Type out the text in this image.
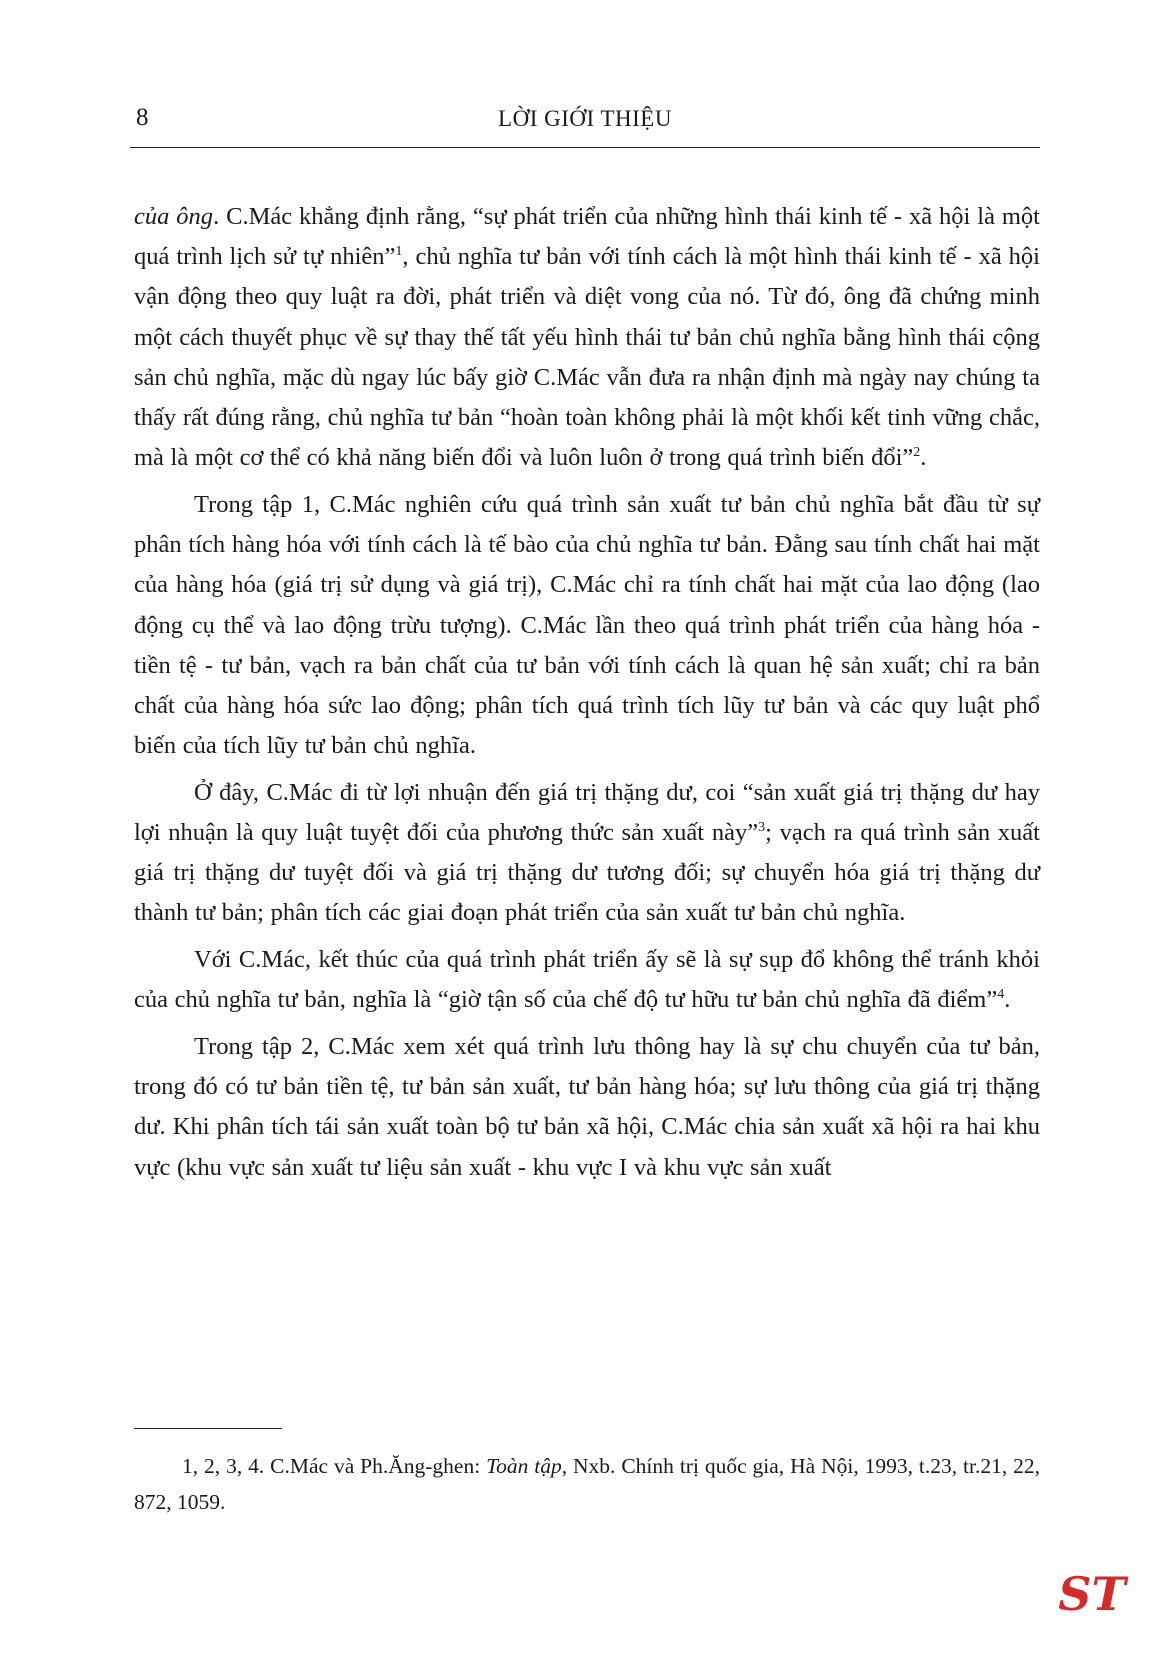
8	LỜI GIỚI THIỆU

của ông. C.Mác khẳng định rằng, “sự phát triển của những hình thái kinh tế - xã hội là một quá trình lịch sử tự nhiên”$^1$, chủ nghĩa tư bản với tính cách là một hình thái kinh tế - xã hội vận động theo quy luật ra đời, phát triển và diệt vong của nó. Từ đó, ông đã chứng minh một cách thuyết phục về sự thay thế tất yếu hình thái tư bản chủ nghĩa bằng hình thái cộng sản chủ nghĩa, mặc dù ngay lúc bấy giờ C.Mác vẫn đưa ra nhận định mà ngày nay chúng ta thấy rất đúng rằng, chủ nghĩa tư bản “hoàn toàn không phải là một khối kết tinh vững chắc, mà là một cơ thể có khả năng biến đổi và luôn luôn ở trong quá trình biến đổi”$^2$.

Trong tập 1, C.Mác nghiên cứu quá trình sản xuất tư bản chủ nghĩa bắt đầu từ sự phân tích hàng hóa với tính cách là tế bào của chủ nghĩa tư bản. Đằng sau tính chất hai mặt của hàng hóa (giá trị sử dụng và giá trị), C.Mác chỉ ra tính chất hai mặt của lao động (lao động cụ thể và lao động trừu tượng). C.Mác lần theo quá trình phát triển của hàng hóa - tiền tệ - tư bản, vạch ra bản chất của tư bản với tính cách là quan hệ sản xuất; chỉ ra bản chất của hàng hóa sức lao động; phân tích quá trình tích lũy tư bản và các quy luật phổ biến của tích lũy tư bản chủ nghĩa.

Ở đây, C.Mác đi từ lợi nhuận đến giá trị thặng dư, coi “sản xuất giá trị thặng dư hay lợi nhuận là quy luật tuyệt đối của phương thức sản xuất này”$^3$; vạch ra quá trình sản xuất giá trị thặng dư tuyệt đối và giá trị thặng dư tương đối; sự chuyển hóa giá trị thặng dư thành tư bản; phân tích các giai đoạn phát triển của sản xuất tư bản chủ nghĩa.

Với C.Mác, kết thúc của quá trình phát triển ấy sẽ là sự sụp đổ không thể tránh khỏi của chủ nghĩa tư bản, nghĩa là “giờ tận số của chế độ tư hữu tư bản chủ nghĩa đã điểm”$^4$.

Trong tập 2, C.Mác xem xét quá trình lưu thông hay là sự chu chuyển của tư bản, trong đó có tư bản tiền tệ, tư bản sản xuất, tư bản hàng hóa; sự lưu thông của giá trị thặng dư. Khi phân tích tái sản xuất toàn bộ tư bản xã hội, C.Mác chia sản xuất xã hội ra hai khu vực (khu vực sản xuất tư liệu sản xuất - khu vực I và khu vực sản xuất

1, 2, 3, 4. C.Mác và Ph.Ăng-ghen: Toàn tập, Nxb. Chính trị quốc gia, Hà Nội, 1993, t.23, tr.21, 22, 872, 1059.
ST
